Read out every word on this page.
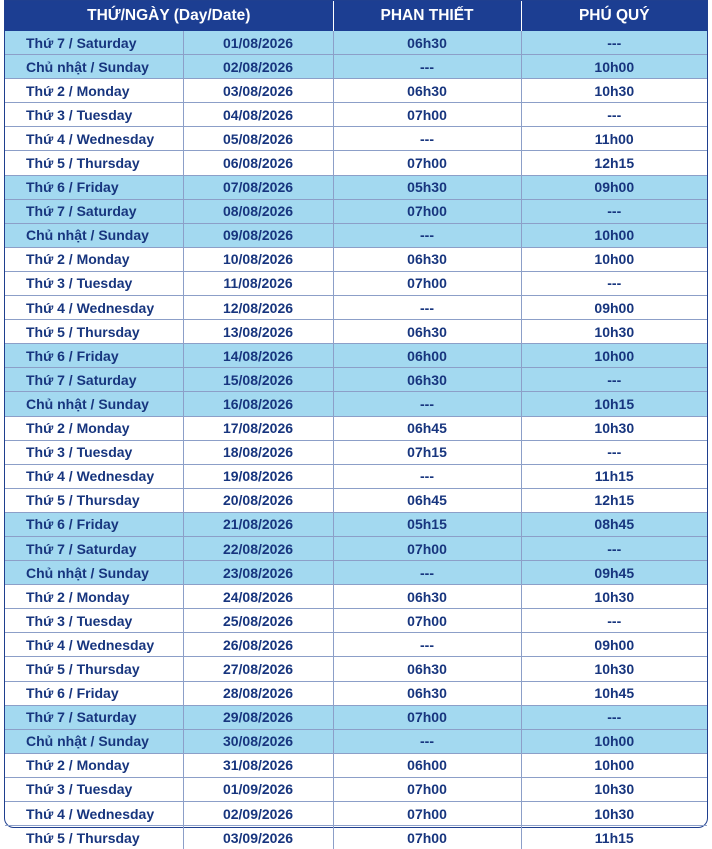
THỨ/NGÀY (Day/Date)		PHAN THIẾT	PHÚ QUÝ
Thứ 7 / Saturday	01/08/2026	06h30	---
Chủ nhật / Sunday	02/08/2026	---	10h00
Thứ 2 / Monday	03/08/2026	06h30	10h30
Thứ 3 / Tuesday	04/08/2026	07h00	---
Thứ 4 / Wednesday	05/08/2026	---	11h00
Thứ 5 / Thursday	06/08/2026	07h00	12h15
Thứ 6 / Friday	07/08/2026	05h30	09h00
Thứ 7 / Saturday	08/08/2026	07h00	---
Chủ nhật / Sunday	09/08/2026	---	10h00
Thứ 2 / Monday	10/08/2026	06h30	10h00
Thứ 3 / Tuesday	11/08/2026	07h00	---
Thứ 4 / Wednesday	12/08/2026	---	09h00
Thứ 5 / Thursday	13/08/2026	06h30	10h30
Thứ 6 / Friday	14/08/2026	06h00	10h00
Thứ 7 / Saturday	15/08/2026	06h30	---
Chủ nhật / Sunday	16/08/2026	---	10h15
Thứ 2 / Monday	17/08/2026	06h45	10h30
Thứ 3 / Tuesday	18/08/2026	07h15	---
Thứ 4 / Wednesday	19/08/2026	---	11h15
Thứ 5 / Thursday	20/08/2026	06h45	12h15
Thứ 6 / Friday	21/08/2026	05h15	08h45
Thứ 7 / Saturday	22/08/2026	07h00	---
Chủ nhật / Sunday	23/08/2026	---	09h45
Thứ 2 / Monday	24/08/2026	06h30	10h30
Thứ 3 / Tuesday	25/08/2026	07h00	---
Thứ 4 / Wednesday	26/08/2026	---	09h00
Thứ 5 / Thursday	27/08/2026	06h30	10h30
Thứ 6 / Friday	28/08/2026	06h30	10h45
Thứ 7 / Saturday	29/08/2026	07h00	---
Chủ nhật / Sunday	30/08/2026	---	10h00
Thứ 2 / Monday	31/08/2026	06h00	10h00
Thứ 3 / Tuesday	01/09/2026	07h00	10h30
Thứ 4 / Wednesday	02/09/2026	07h00	10h30
Thứ 5 / Thursday	03/09/2026	07h00	11h15
